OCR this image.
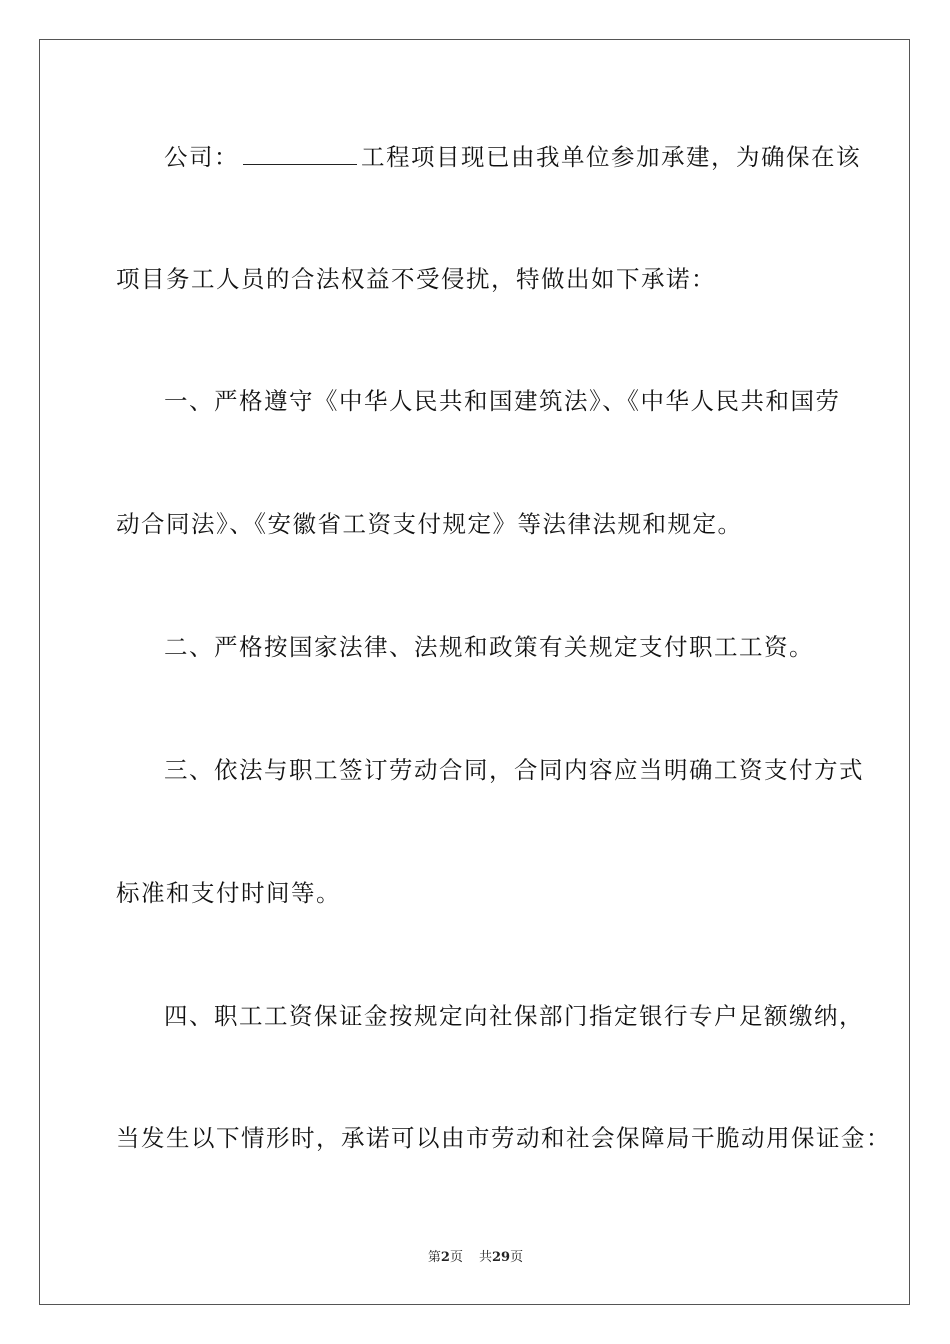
公司：	工程项目现已由我单位参加承建，为确保在该
项目务工人员的合法权益不受侵扰，特做出如下承诺：
一、严格遵守《中华人民共和国建筑法》、《中华人民共和国劳
动合同法》、《安徽省工资支付规定》等法律法规和规定。
二、严格按国家法律、法规和政策有关规定支付职工工资。
三、依法与职工签订劳动合同，合同内容应当明确工资支付方式
标准和支付时间等。
四、职工工资保证金按规定向社保部门指定银行专户足额缴纳，
当发生以下情形时，承诺可以由市劳动和社会保障局干脆动用保证金：
第2页 共29页
